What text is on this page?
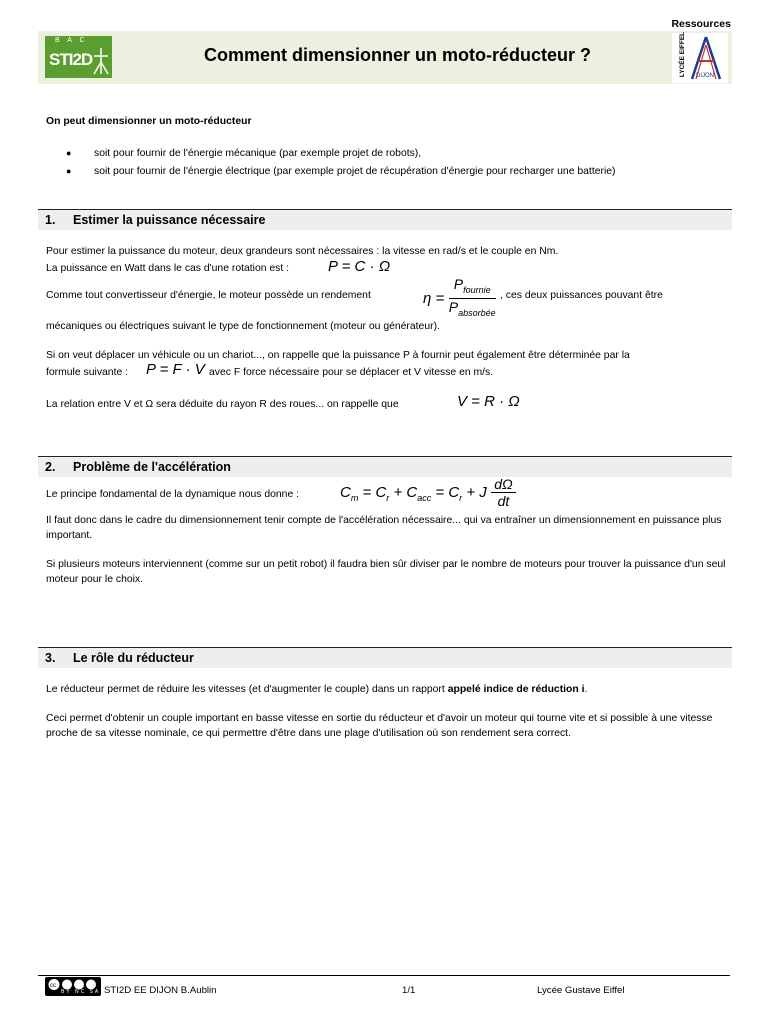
Ressources
B A C
STI2D	Comment dimensionner un moto-réducteur ?	LYCÉE EIFFEL DIJON
On peut dimensionner un moto-réducteur
● soit pour fournir de l'énergie mécanique (par exemple projet de robots),
● soit pour fournir de l'énergie électrique (par exemple projet de récupération d'énergie pour recharger une batterie)
1. Estimer la puissance nécessaire
Pour estimer la puissance du moteur, deux grandeurs sont nécessaires : la vitesse en rad/s et le couple en Nm.
La puissance en Watt dans le cas d'une rotation est :	P = C · Ω
Comme tout convertisseur d'énergie, le moteur possède un rendement	$\eta = \frac{P_{fournie}}{P_{absorbée}}$ , ces deux puissances pouvant être
mécaniques ou électriques suivant le type de fonctionnement (moteur ou générateur).
Si on veut déplacer un véhicule ou un chariot..., on rappelle que la puissance P à fournir peut également être déterminée par la
formule suivante : P = F · V avec F force nécessaire pour se déplacer et V vitesse en m/s.
La relation entre V et Ω sera déduite du rayon R des roues... on rappelle que	V = R · Ω
2. Problème de l'accélération
Le principe fondamental de la dynamique nous donne :	$C_m = C_r + C_{acc} = C_r + J \frac{d\Omega}{dt}$
Il faut donc dans le cadre du dimensionnement tenir compte de l'accélération nécessaire... qui va entraîner un dimensionnement en puissance plus important.
Si plusieurs moteurs interviennent (comme sur un petit robot) il faudra bien sûr diviser par le nombre de moteurs pour trouver la puissance d'un seul moteur pour le choix.
3. Le rôle du réducteur
Le réducteur permet de réduire les vitesses (et d'augmenter le couple) dans un rapport appelé indice de réduction i.
Ceci permet d'obtenir un couple important en basse vitesse en sortie du réducteur et d'avoir un moteur qui tourne vite et si possible à une vitesse proche de sa vitesse nominale, ce qui permettre d'être dans une plage d'utilisation où son rendement sera correct.
cc
BY NC SA STI2D EE DIJON B.Aublin	1/1	Lycée Gustave Eiffel
